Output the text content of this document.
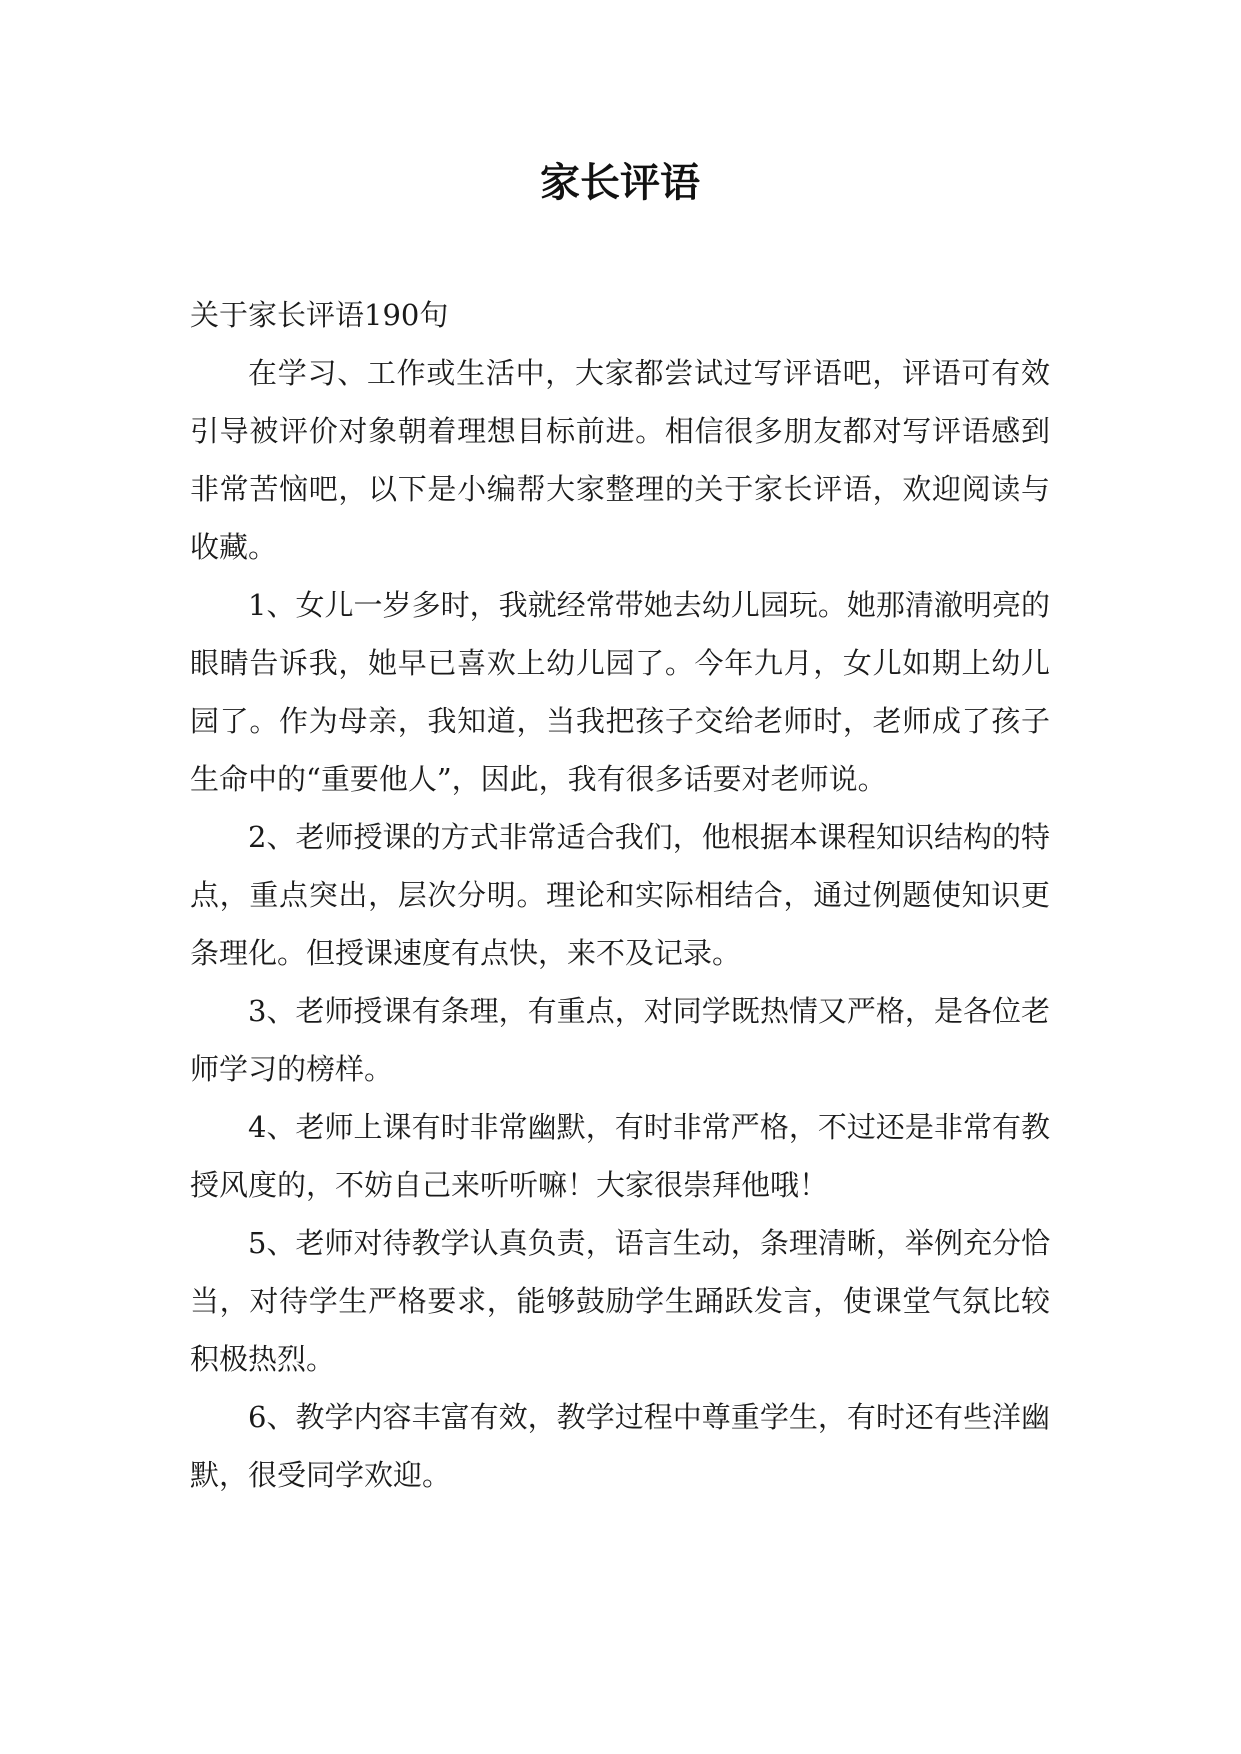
家长评语

关于家长评语190句

在学习、工作或生活中，大家都尝试过写评语吧，评语可有效引导被评价对象朝着理想目标前进。相信很多朋友都对写评语感到非常苦恼吧，以下是小编帮大家整理的关于家长评语，欢迎阅读与收藏。

1、女儿一岁多时，我就经常带她去幼儿园玩。她那清澈明亮的眼睛告诉我，她早已喜欢上幼儿园了。今年九月，女儿如期上幼儿园了。作为母亲，我知道，当我把孩子交给老师时，老师成了孩子生命中的“重要他人”，因此，我有很多话要对老师说。

2、老师授课的方式非常适合我们，他根据本课程知识结构的特点，重点突出，层次分明。理论和实际相结合，通过例题使知识更条理化。但授课速度有点快，来不及记录。

3、老师授课有条理，有重点，对同学既热情又严格，是各位老师学习的榜样。

4、老师上课有时非常幽默，有时非常严格，不过还是非常有教授风度的，不妨自己来听听嘛！大家很崇拜他哦！

5、老师对待教学认真负责，语言生动，条理清晰，举例充分恰当，对待学生严格要求，能够鼓励学生踊跃发言，使课堂气氛比较积极热烈。

6、教学内容丰富有效，教学过程中尊重学生，有时还有些洋幽默，很受同学欢迎。
